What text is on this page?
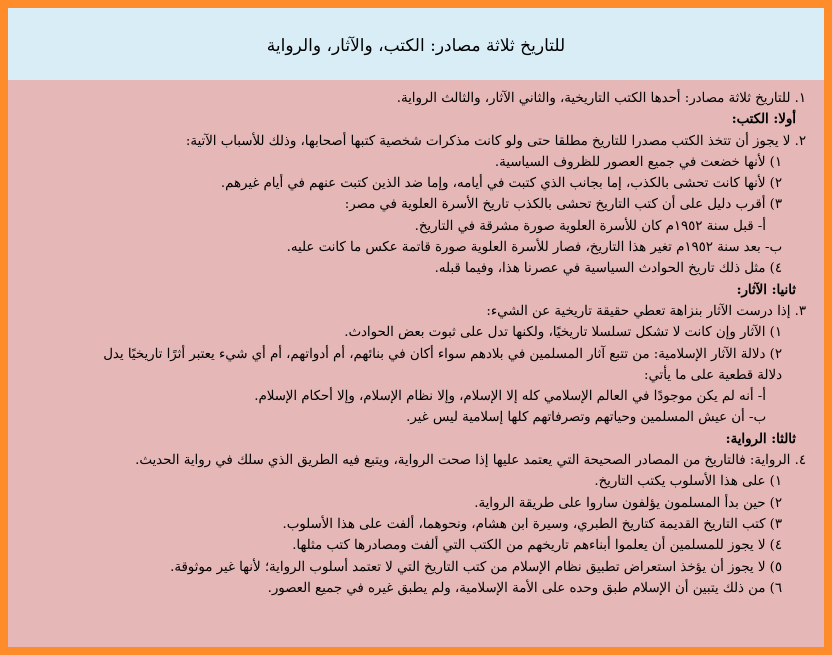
للتاريخ ثلاثة مصادر: الكتب، والآثار، والرواية
١. للتاريخ ثلاثة مصادر: أحدها الكتب التاريخية، والثاني الآثار، والثالث الرواية.
أولا: الكتب:
٢. لا يجوز أن تتخذ الكتب مصدرا للتاريخ مطلقا حتى ولو كانت مذكرات شخصية كتبها أصحابها، وذلك للأسباب الآتية:
١) لأنها خضعت في جميع العصور للظروف السياسية.
٢) لأنها كانت تحشى بالكذب، إما بجانب الذي كتبت في أيامه، وإما ضد الذين كتبت عنهم في أيام غيرهم.
٣) أقرب دليل على أن كتب التاريخ تحشى بالكذب تاريخ الأسرة العلوية في مصر:
أ- قبل سنة ١٩٥٢م كان للأسرة العلوية صورة مشرقة في التاريخ.
ب- بعد سنة ١٩٥٢م تغير هذا التاريخ، فصار للأسرة العلوية صورة قاتمة عكس ما كانت عليه.
٤) مثل ذلك تاريخ الحوادث السياسية في عصرنا هذا، وفيما قبله.
ثانيا: الآثار:
٣. إذا درست الآثار بنزاهة تعطي حقيقة تاريخية عن الشيء:
١) الآثار وإن كانت لا تشكل تسلسلا تاريخيًا، ولكنها تدل على ثبوت بعض الحوادث.
٢) دلالة الآثار الإسلامية: من تتبع آثار المسلمين في بلادهم سواء أكان في بنائهم، أم أدواتهم، أم أي شيء يعتبر أثرًا تاريخيًا يدل
دلالة قطعية على ما يأتي:
أ- أنه لم يكن موجودًا في العالم الإسلامي كله إلا الإسلام، وإلا نظام الإسلام، وإلا أحكام الإسلام.
ب- أن عيش المسلمين وحياتهم وتصرفاتهم كلها إسلامية ليس غير.
ثالثا: الرواية:
٤. الرواية: فالتاريخ من المصادر الصحيحة التي يعتمد عليها إذا صحت الرواية، ويتبع فيه الطريق الذي سلك في رواية الحديث.
١) على هذا الأسلوب يكتب التاريخ.
٢) حين بدأ المسلمون يؤلفون ساروا على طريقة الرواية.
٣) كتب التاريخ القديمة كتاريخ الطبري، وسيرة ابن هشام، ونحوهما، ألفت على هذا الأسلوب.
٤) لا يجوز للمسلمين أن يعلموا أبناءهم تاريخهم من الكتب التي ألفت ومصادرها كتب مثلها.
٥) لا يجوز أن يؤخذ استعراض تطبيق نظام الإسلام من كتب التاريخ التي لا تعتمد أسلوب الرواية؛ لأنها غير موثوقة.
٦) من ذلك يتبين أن الإسلام طبق وحده على الأمة الإسلامية، ولم يطبق غيره في جميع العصور.
